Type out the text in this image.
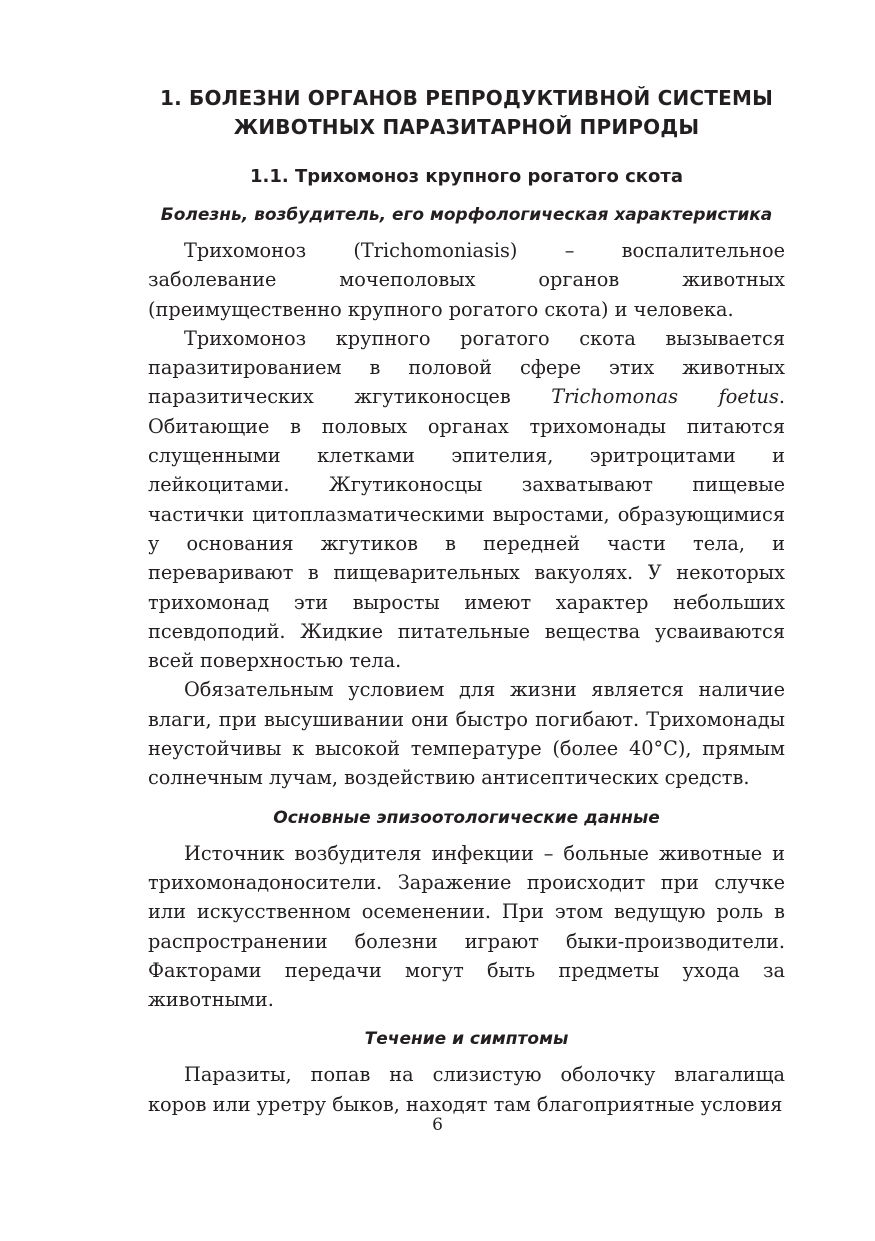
1. БОЛЕЗНИ ОРГАНОВ РЕПРОДУКТИВНОЙ СИСТЕМЫ
ЖИВОТНЫХ ПАРАЗИТАРНОЙ ПРИРОДЫ
1.1. Трихомоноз крупного рогатого скота
Болезнь, возбудитель, его морфологическая характеристика

Трихомоноз (Trichomoniasis) – воспалительное заболевание мочеполовых органов животных (преимущественно крупного рогатого скота) и человека.

Трихомоноз крупного рогатого скота вызывается паразитированием в половой сфере этих животных паразитических жгутиконосцев Trichomonas foetus. Обитающие в половых органах трихомонады питаются слущенными клетками эпителия, эритроцитами и лейкоцитами. Жгутиконосцы захватывают пищевые частички цитоплазматическими выростами, образующимися у основания жгутиков в передней части тела, и переваривают в пищеварительных вакуолях. У некоторых трихомонад эти выросты имеют характер небольших псевдоподий. Жидкие питательные вещества усваиваются всей поверхностью тела.

Обязательным условием для жизни является наличие влаги, при высушивании они быстро погибают. Трихомонады неустойчивы к высокой температуре (более 40°C), прямым солнечным лучам, воздействию антисептических средств.

Основные эпизоотологические данные

Источник возбудителя инфекции – больные животные и трихомонадоносители. Заражение происходит при случке или искусственном осеменении. При этом ведущую роль в распространении болезни играют быки-производители. Факторами передачи могут быть предметы ухода за животными.

Течение и симптомы

Паразиты, попав на слизистую оболочку влагалища коров или уретру быков, находят там благоприятные условия

6
